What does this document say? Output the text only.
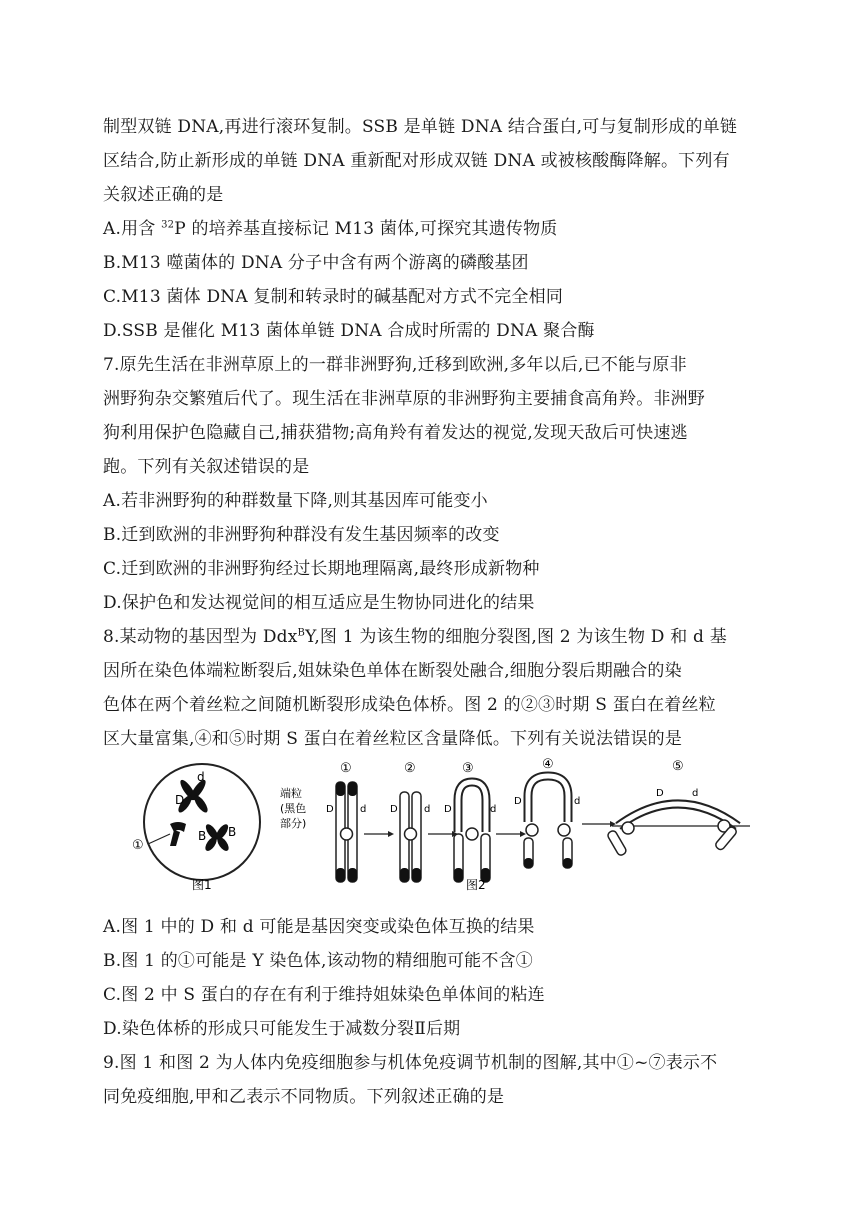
制型双链 DNA,再进行滚环复制。SSB 是单链 DNA 结合蛋白,可与复制形成的单链
区结合,防止新形成的单链 DNA 重新配对形成双链 DNA 或被核酸酶降解。下列有
关叙述正确的是
A.用含 $^{32}$P 的培养基直接标记 M13 菌体,可探究其遗传物质
B.M13 噬菌体的 DNA 分子中含有两个游离的磷酸基团
C.M13 菌体 DNA 复制和转录时的碱基配对方式不完全相同
D.SSB 是催化 M13 菌体单链 DNA 合成时所需的 DNA 聚合酶
7.原先生活在非洲草原上的一群非洲野狗,迁移到欧洲,多年以后,已不能与原非
洲野狗杂交繁殖后代了。现生活在非洲草原的非洲野狗主要捕食高角羚。非洲野
狗利用保护色隐藏自己,捕获猎物;高角羚有着发达的视觉,发现天敌后可快速逃
跑。下列有关叙述错误的是
A.若非洲野狗的种群数量下降,则其基因库可能变小
B.迁到欧洲的非洲野狗种群没有发生基因频率的改变
C.迁到欧洲的非洲野狗经过长期地理隔离,最终形成新物种
D.保护色和发达视觉间的相互适应是生物协同进化的结果
8.某动物的基因型为 Ddx$^B$Y,图 1 为该生物的细胞分裂图,图 2 为该生物 D 和 d 基
因所在染色体端粒断裂后,姐妹染色单体在断裂处融合,细胞分裂后期融合的染
色体在两个着丝粒之间随机断裂形成染色体桥。图 2 的②③时期 S 蛋白在着丝粒
区大量富集,④和⑤时期 S 蛋白在着丝粒区含量降低。下列有关说法错误的是
d
D
B B
①
图1
端粒
(黑色
部分)
①
D	d
②
D	d
③
D	d
④
D	d
⑤
D	d
图2
A.图 1 中的 D 和 d 可能是基因突变或染色体互换的结果
B.图 1 的①可能是 Y 染色体,该动物的精细胞可能不含①
C.图 2 中 S 蛋白的存在有利于维持姐妹染色单体间的粘连
D.染色体桥的形成只可能发生于减数分裂Ⅱ后期
9.图 1 和图 2 为人体内免疫细胞参与机体免疫调节机制的图解,其中①~⑦表示不
同免疫细胞,甲和乙表示不同物质。下列叙述正确的是
